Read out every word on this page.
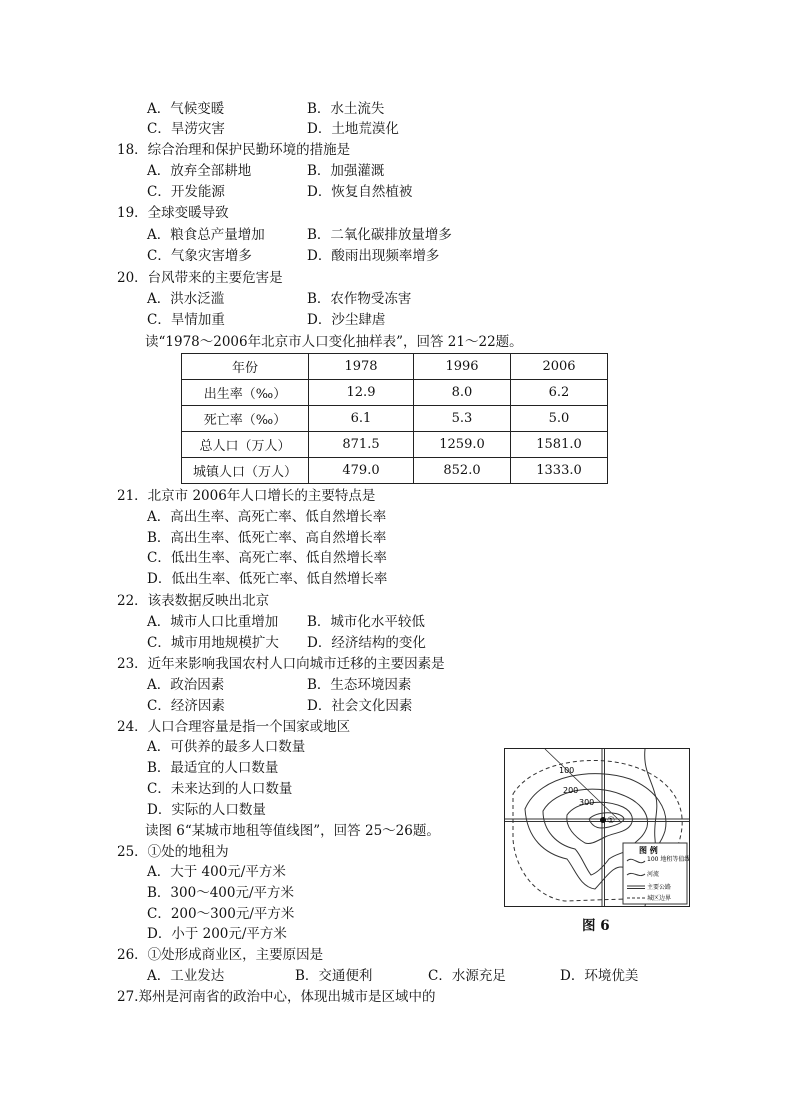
A．气候变暖	B．水土流失
C．旱涝灾害	D．土地荒漠化
18．综合治理和保护民勤环境的措施是
A．放弃全部耕地	B．加强灌溉
C．开发能源	D．恢复自然植被
19．全球变暖导致
A．粮食总产量增加	B．二氧化碳排放量增多
C．气象灾害增多	D．酸雨出现频率增多
20．台风带来的主要危害是
A．洪水泛滥	B．农作物受冻害
C．旱情加重	D．沙尘肆虐
读“1978～2006年北京市人口变化抽样表”，回答 21～22题。
21．北京市 2006年人口增长的主要特点是
A．高出生率、高死亡率、低自然增长率
B．高出生率、低死亡率、高自然增长率
C．低出生率、高死亡率、低自然增长率
D．低出生率、低死亡率、低自然增长率
22．该表数据反映出北京
A．城市人口比重增加 B．城市化水平较低
C．城市用地规模扩大 D．经济结构的变化
23．近年来影响我国农村人口向城市迁移的主要因素是
A．政治因素	B．生态环境因素
C．经济因素	D．社会文化因素
24．人口合理容量是指一个国家或地区
A．可供养的最多人口数量
B．最适宜的人口数量
C．未来达到的人口数量
D．实际的人口数量
读图 6“某城市地租等值线图”，回答 25～26题。
25．①处的地租为
A．大于 400元/平方米
B．300～400元/平方米
C．200～300元/平方米
D．小于 200元/平方米
26．①处形成商业区，主要原因是
A．工业发达	B．交通便利	C．水源充足	D．环境优美
27.郑州是河南省的政治中心，体现出城市是区域中的
年份	1978	1996	2006
出生率（‰）	12.9	8.0	6.2
死亡率（‰）	6.1	5.3	5.0
总人口（万人）	871.5	1259.0	1581.0
城镇人口（万人）	479.0	852.0	1333.0
100
200
300
①
图 例
100 地租等值线
河流
主要公路
城区边界
图 6
